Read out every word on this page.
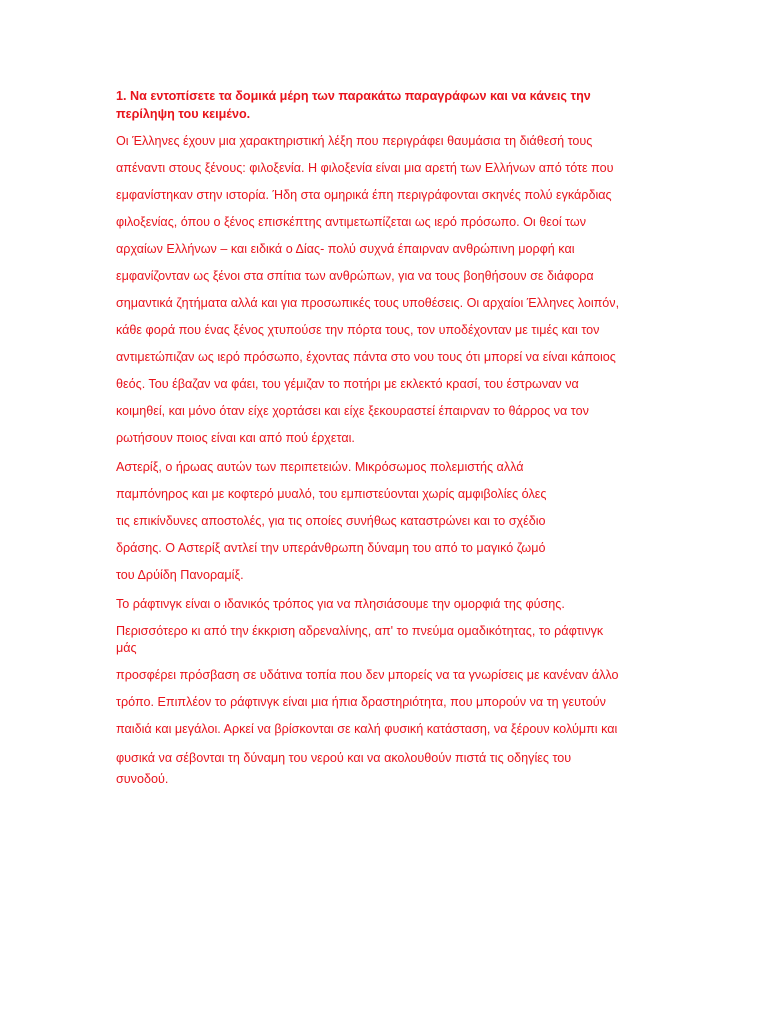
1. Να εντοπίσετε τα δομικά μέρη των παρακάτω παραγράφων και να κάνεις την
περίληψη του κειμένο.
Οι Έλληνες έχουν μια χαρακτηριστική λέξη που περιγράφει θαυμάσια τη διάθεσή τους
απέναντι στους ξένους: φιλοξενία. Η φιλοξενία είναι μια αρετή των Ελλήνων από τότε που
εμφανίστηκαν στην ιστορία. Ήδη στα ομηρικά έπη περιγράφονται σκηνές πολύ εγκάρδιας
φιλοξενίας, όπου ο ξένος επισκέπτης αντιμετωπίζεται ως ιερό πρόσωπο. Οι θεοί των
αρχαίων Ελλήνων – και ειδικά ο Δίας- πολύ συχνά έπαιρναν ανθρώπινη μορφή και
εμφανίζονταν ως ξένοι στα σπίτια των ανθρώπων, για να τους βοηθήσουν σε διάφορα
σημαντικά ζητήματα αλλά και για προσωπικές τους υποθέσεις. Οι αρχαίοι Έλληνες λοιπόν,
κάθε φορά που ένας ξένος χτυπούσε την πόρτα τους, τον υποδέχονταν με τιμές και τον
αντιμετώπιζαν ως ιερό πρόσωπο, έχοντας πάντα στο νου τους ότι μπορεί να είναι κάποιος
θεός. Του έβαζαν να φάει, του γέμιζαν το ποτήρι με εκλεκτό κρασί, του έστρωναν να
κοιμηθεί, και μόνο όταν είχε χορτάσει και είχε ξεκουραστεί έπαιρναν το θάρρος να τον
ρωτήσουν ποιος είναι και από πού έρχεται.
Αστερίξ, ο ήρωας αυτών των περιπετειών. Μικρόσωμος πολεμιστής αλλά
παμπόνηρος και με κοφτερό μυαλό, του εμπιστεύονται χωρίς αμφιβολίες όλες
τις επικίνδυνες αποστολές, για τις οποίες συνήθως καταστρώνει και το σχέδιο
δράσης. Ο Αστερίξ αντλεί την υπεράνθρωπη δύναμη του από το μαγικό ζωμό
του Δρύίδη Πανοραμίξ.
Το ράφτινγκ είναι ο ιδανικός τρόπος για να πλησιάσουμε την ομορφιά της φύσης.
Περισσότερο κι από την έκκριση αδρεναλίνης, απ' το πνεύμα ομαδικότητας, το ράφτινγκ
μάς
προσφέρει πρόσβαση σε υδάτινα τοπία που δεν μπορείς να τα γνωρίσεις με κανέναν άλλο
τρόπο. Επιπλέον το ράφτινγκ είναι μια ήπια δραστηριότητα, που μπορούν να τη γευτούν
παιδιά και μεγάλοι. Αρκεί να βρίσκονται σε καλή φυσική κατάσταση, να ξέρουν κολύμπι και
φυσικά να σέβονται τη δύναμη του νερού και να ακολουθούν πιστά τις οδηγίες του
συνοδού.
